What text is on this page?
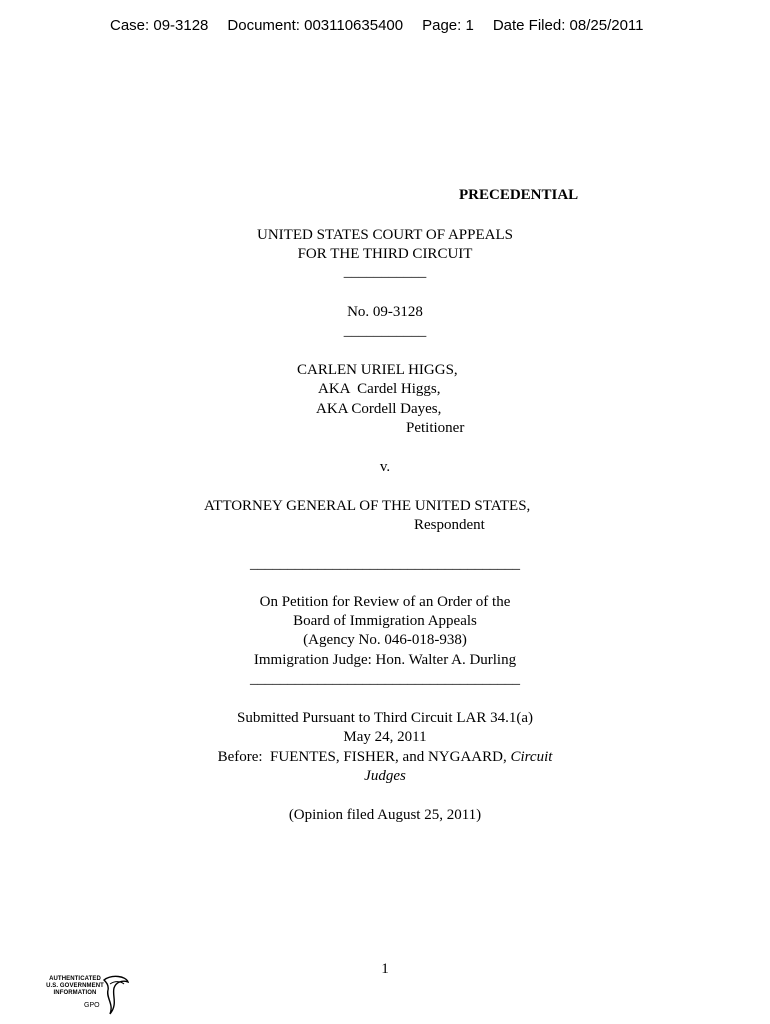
Case: 09-3128 Document: 003110635400 Page: 1 Date Filed: 08/25/2011
PRECEDENTIAL
UNITED STATES COURT OF APPEALS
FOR THE THIRD CIRCUIT
___________
No. 09-3128
___________
CARLEN URIEL HIGGS,
AKA  Cardel Higgs,
AKA Cordell Dayes,
Petitioner
v.
ATTORNEY GENERAL OF THE UNITED STATES,
Respondent
____________________________________
On Petition for Review of an Order of the
Board of Immigration Appeals
(Agency No. 046-018-938)
Immigration Judge: Hon. Walter A. Durling
____________________________________
Submitted Pursuant to Third Circuit LAR 34.1(a)
May 24, 2011
Before:  FUENTES, FISHER, and NYGAARD, Circuit
Judges
(Opinion filed August 25, 2011)
1
AUTHENTICATED
U.S. GOVERNMENT
INFORMATION
GPO
